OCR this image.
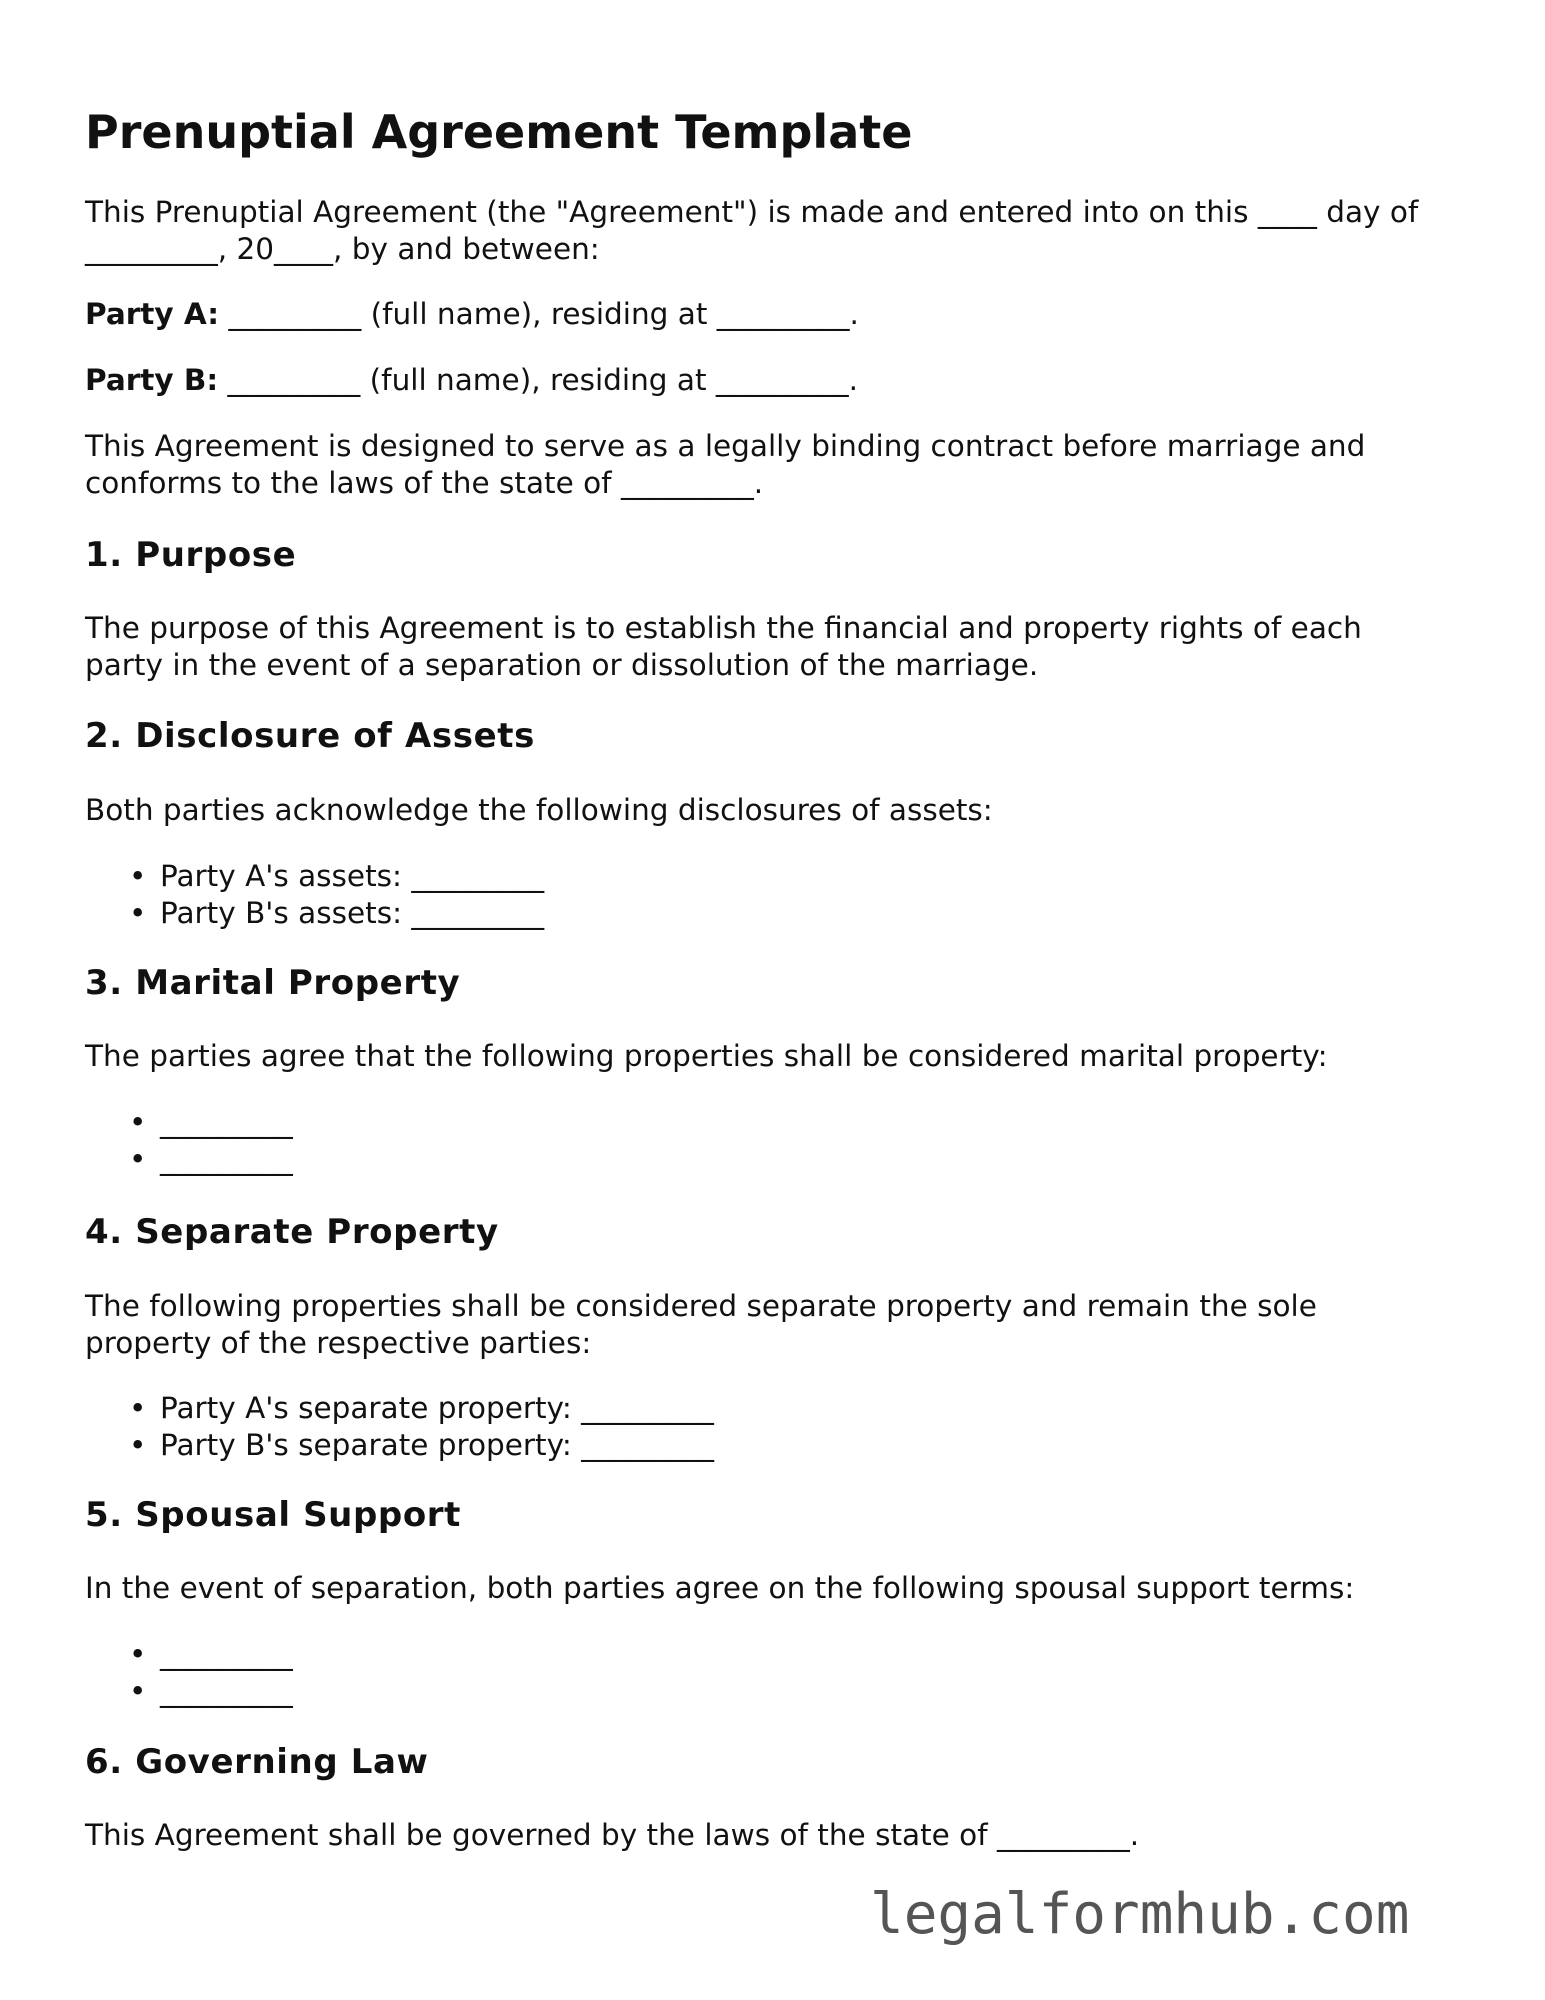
Prenuptial Agreement Template

This Prenuptial Agreement (the "Agreement") is made and entered into on this ____ day of

_________, 20____, by and between:

Party A: _________ (full name), residing at _________.

Party B: _________ (full name), residing at _________.

This Agreement is designed to serve as a legally binding contract before marriage and

conforms to the laws of the state of _________.

1. Purpose

The purpose of this Agreement is to establish the financial and property rights of each

party in the event of a separation or dissolution of the marriage.

2. Disclosure of Assets

Both parties acknowledge the following disclosures of assets:

• Party A's assets: _________
• Party B's assets: _________
3. Marital Property

The parties agree that the following properties shall be considered marital property:

• _________
• _________
4. Separate Property

The following properties shall be considered separate property and remain the sole

property of the respective parties:

• Party A's separate property: _________
• Party B's separate property: _________
5. Spousal Support

In the event of separation, both parties agree on the following spousal support terms:

• _________
• _________
6. Governing Law

This Agreement shall be governed by the laws of the state of _________.

legalformhub.com
